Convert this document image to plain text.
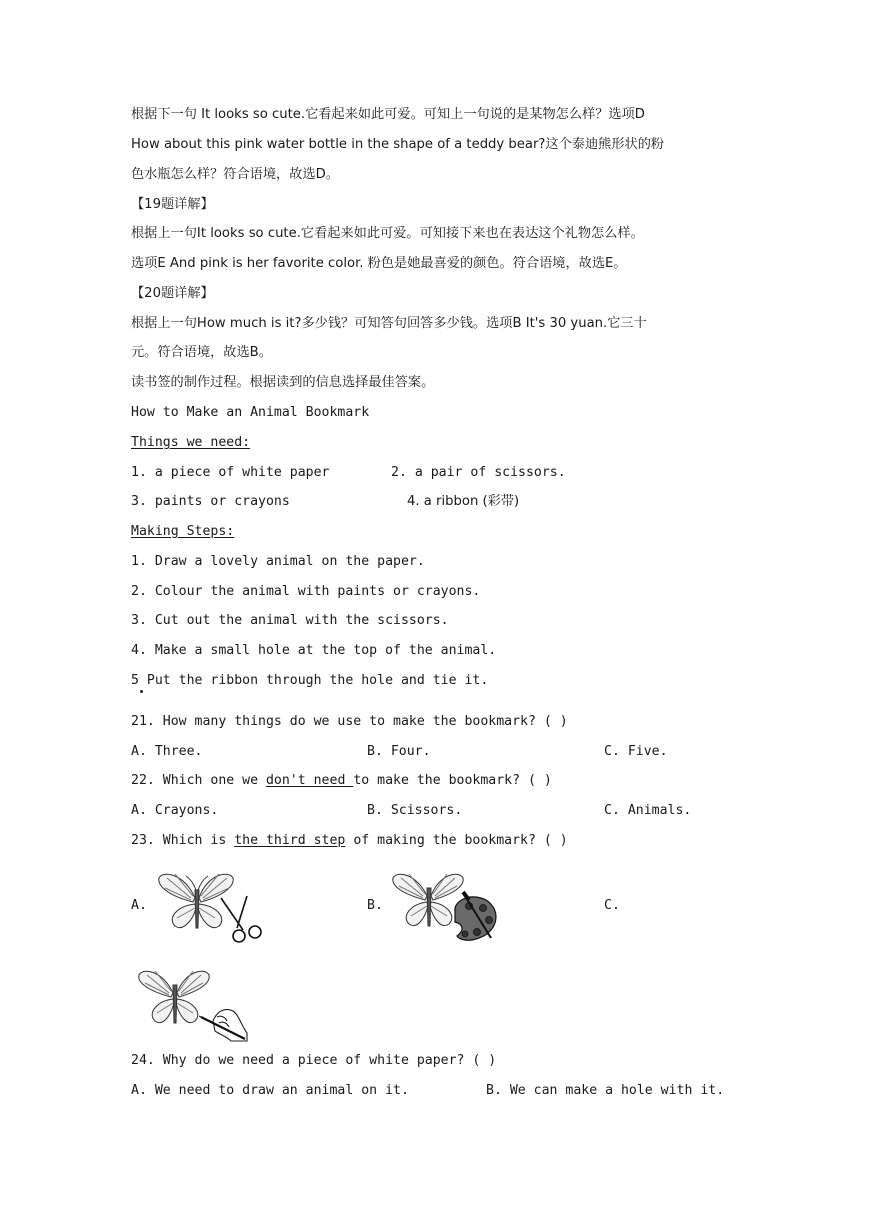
根据下一句 It looks so cute.它看起来如此可爱。可知上一句说的是某物怎么样？选项D
How about this pink water bottle in the shape of a teddy bear?这个泰迪熊形状的粉
色水瓶怎么样？符合语境，故选D。
【19题详解】
根据上一句It looks so cute.它看起来如此可爱。可知接下来也在表达这个礼物怎么样。
选项E And pink is her favorite color. 粉色是她最喜爱的颜色。符合语境，故选E。
【20题详解】
根据上一句How much is it?多少钱？可知答句回答多少钱。选项B It's 30 yuan.它三十
元。符合语境，故选B。
读书签的制作过程。根据读到的信息选择最佳答案。
How to Make an Animal Bookmark
Things we need:
1. a piece of white paper	2. a pair of scissors.
3. paints or crayons	4. a ribbon (彩带)
Making Steps:
1. Draw a lovely animal on the paper.
2. Colour the animal with paints or crayons.
3. Cut out the animal with the scissors.
4. Make a small hole at the top of the animal.
5 Put the ribbon through the hole and tie it.
21. How many things do we use to make the bookmark? ( )
A. Three.	B. Four.	C. Five.
22. Which one we don't need to make the bookmark? ( )
A. Crayons.	B. Scissors.	C. Animals.
23. Which is the third step of making the bookmark? ( )
A.	B.	C.
24. Why do we need a piece of white paper? ( )
A. We need to draw an animal on it.	B. We can make a hole with it.
